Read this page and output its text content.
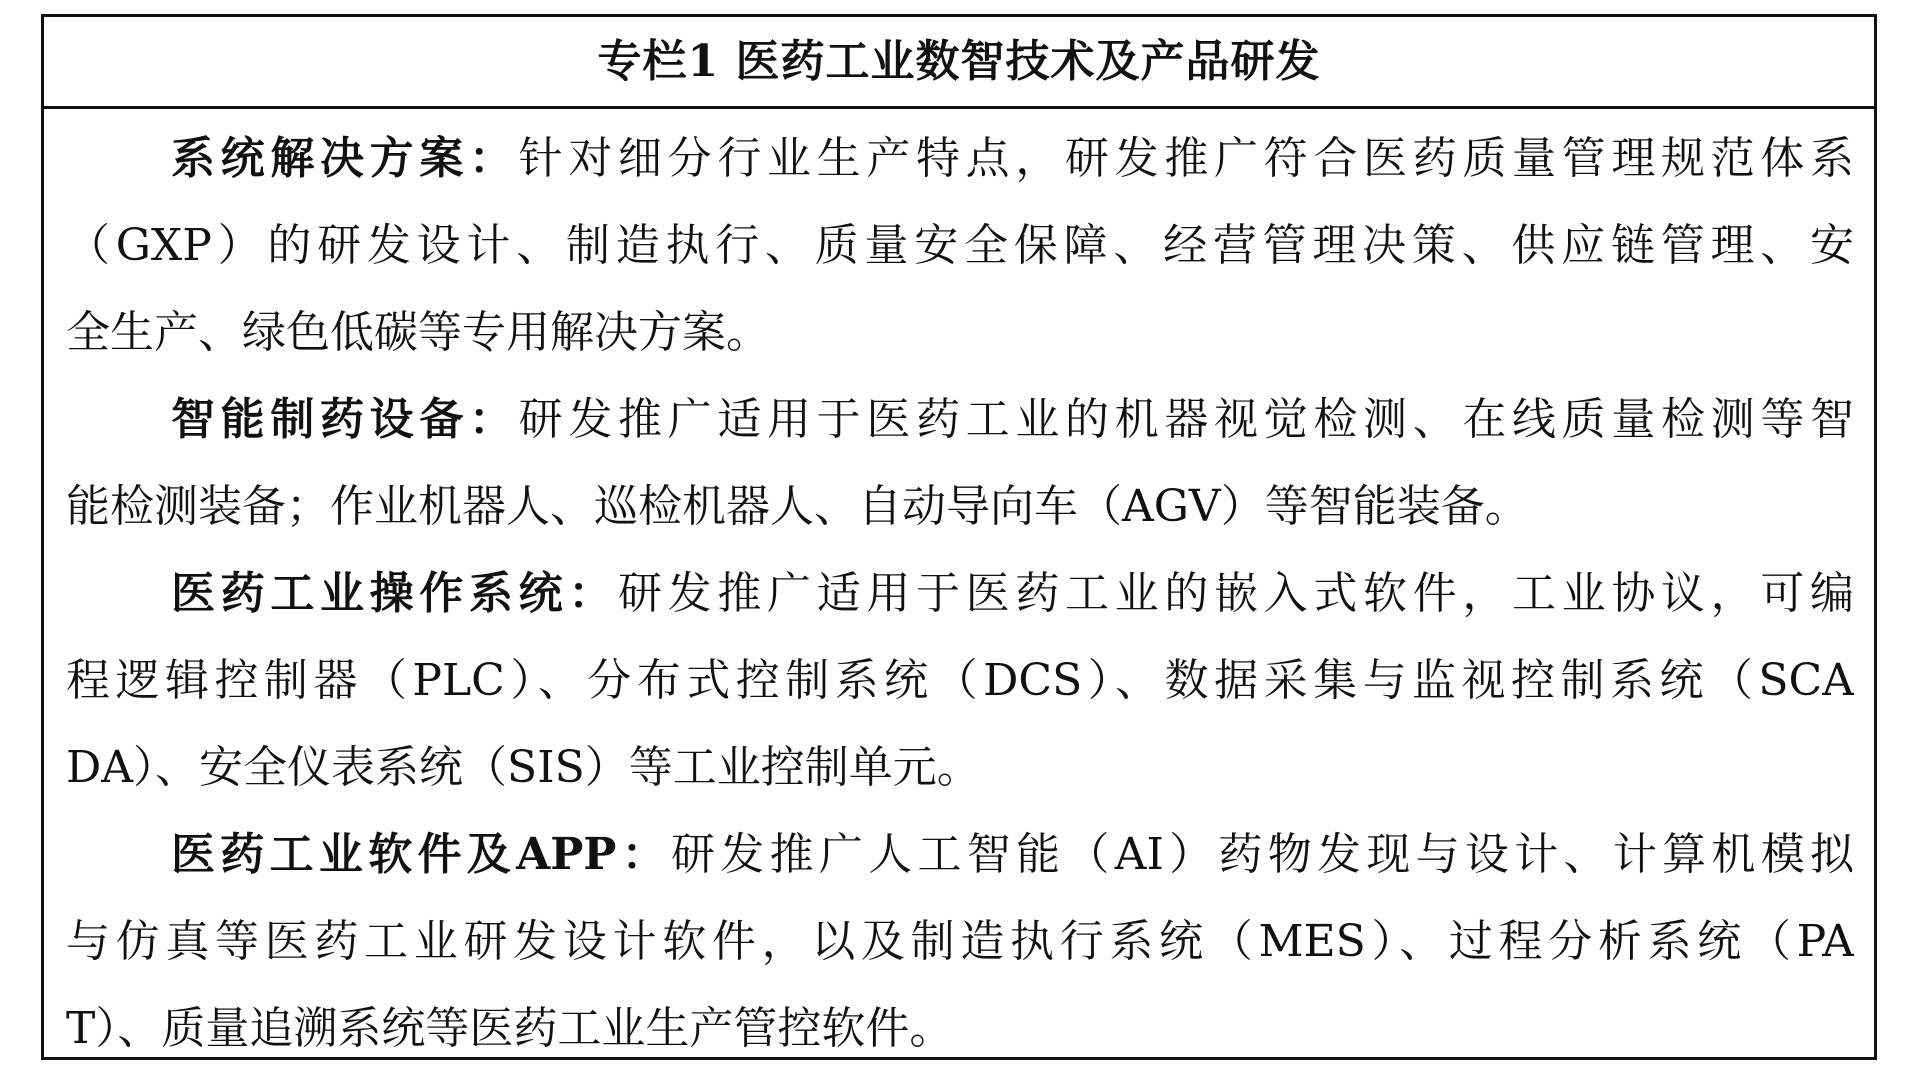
专栏1 医药工业数智技术及产品研发
系统解决方案：针对细分行业生产特点，研发推广符合医药质量管理规范体系
（GXP）的研发设计、制造执行、质量安全保障、经营管理决策、供应链管理、安
全生产、绿色低碳等专用解决方案。
智能制药设备：研发推广适用于医药工业的机器视觉检测、在线质量检测等智
能检测装备；作业机器人、巡检机器人、自动导向车（AGV）等智能装备。
医药工业操作系统：研发推广适用于医药工业的嵌入式软件，工业协议，可编
程逻辑控制器（PLC）、分布式控制系统（DCS）、数据采集与监视控制系统（SCA
DA）、安全仪表系统（SIS）等工业控制单元。
医药工业软件及APP：研发推广人工智能（AI）药物发现与设计、计算机模拟
与仿真等医药工业研发设计软件，以及制造执行系统（MES）、过程分析系统（PA
T）、质量追溯系统等医药工业生产管控软件。
